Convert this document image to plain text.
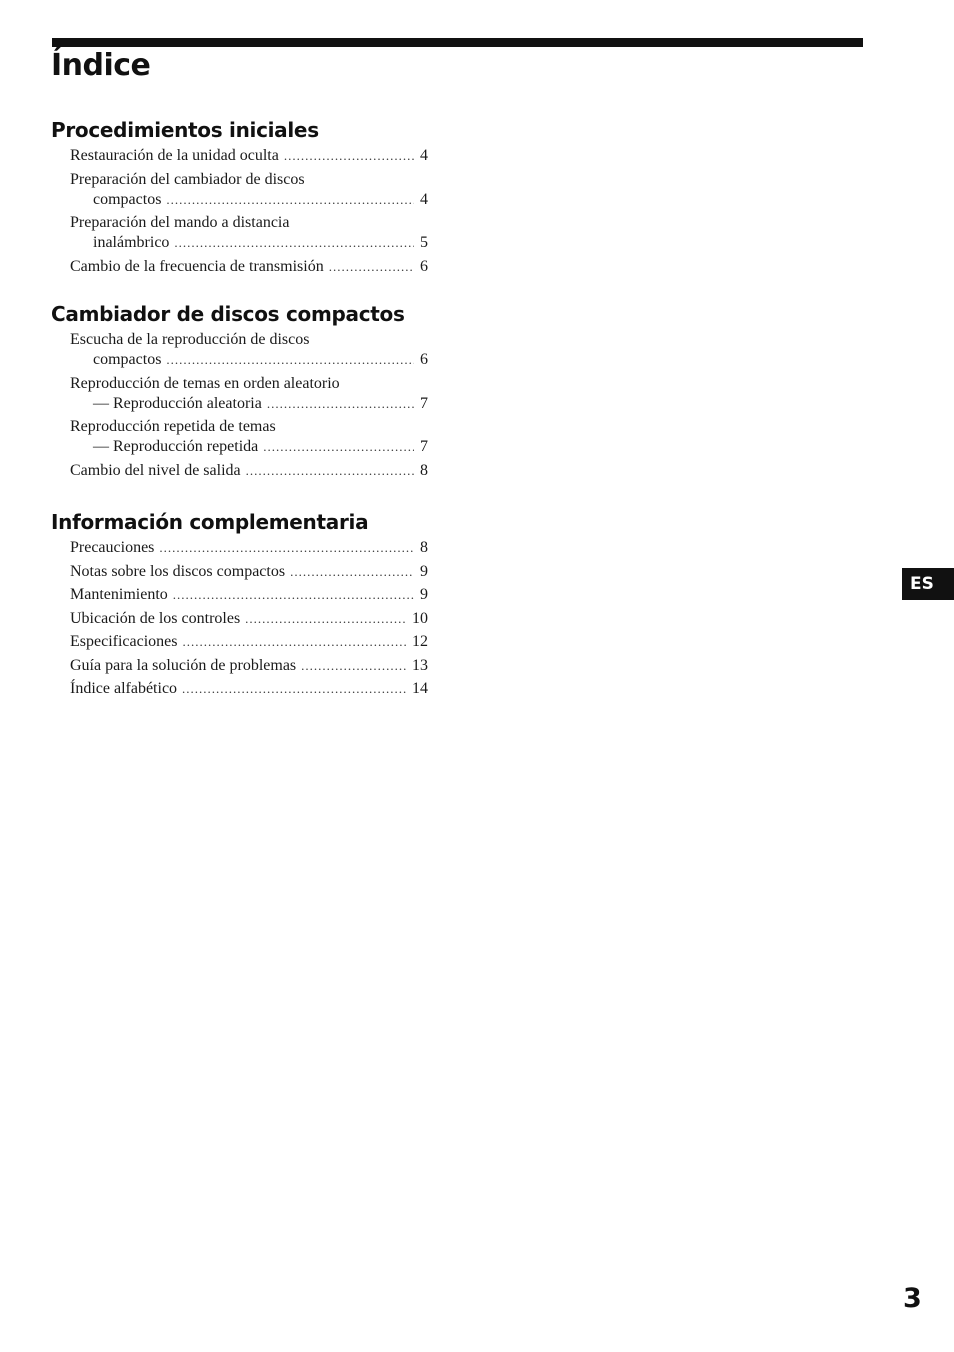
Índice
Procedimientos iniciales
Restauración de la unidad oculta .....	4
Preparación del cambiador de discos
compactos .....	4
Preparación del mando a distancia
inalámbrico .....	5
Cambio de la frecuencia de transmisión .....	6
Cambiador de discos compactos
Escucha de la reproducción de discos
compactos .....	6
Reproducción de temas en orden aleatorio
— Reproducción aleatoria .....	7
Reproducción repetida de temas
— Reproducción repetida .....	7
Cambio del nivel de salida .....	8
Información complementaria
Precauciones .....	8
Notas sobre los discos compactos .....	9
Mantenimiento .....	9
Ubicación de los controles .....	10
Especificaciones .....	12
Guía para la solución de problemas .....	13
Índice alfabético .....	14
ES
3
